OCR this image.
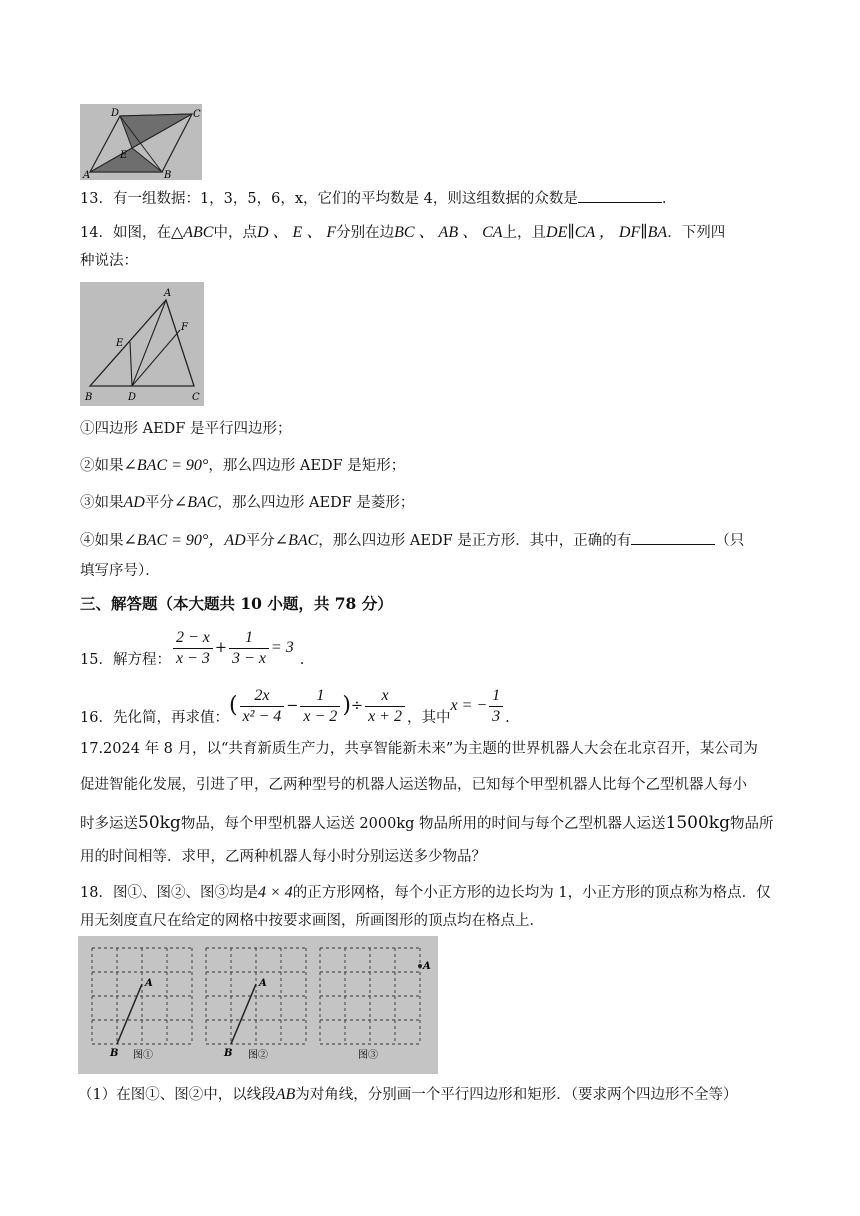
D	C
E
A	B
13．有一组数据：1，3，5，6，x，它们的平均数是 4，则这组数据的众数是	.
14．如图，在△ABC中，点D 、 E 、 F分别在边BC 、 AB 、 CA上，且DE∥CA ， DF∥BA．下列四
种说法：
A
F
E
B	D	C
①四边形 AEDF 是平行四边形；
②如果∠BAC = 90°，那么四边形 AEDF 是矩形；
③如果AD平分∠BAC，那么四边形 AEDF 是菱形；
④如果∠BAC = 90°，AD平分∠BAC，那么四边形 AEDF 是正方形．其中，正确的有	（只
填写序号）．
三、解答题（本大题共 10 小题，共 78 分）
15．解方程： $\frac{2 - x}{x - 3} + \frac{1}{3 - x} = 3$.
16．先化简，再求值：( $\frac{2x}{\text{x² − 4}} - \frac{1}{x - 2}$ )÷ $\frac{x}{x + 2}$ ，其中x = − $\frac{1}{3}$ .
17.2024 年 8 月，以“共育新质生产力，共享智能新未来”为主题的世界机器人大会在北京召开，某公司为
促进智能化发展，引进了甲，乙两种型号的机器人运送物品，已知每个甲型机器人比每个乙型机器人每小
时多运送50kg物品，每个甲型机器人运送 2000kg 物品所用的时间与每个乙型机器人运送1500kg物品所
用的时间相等．求甲，乙两种机器人每小时分别运送多少物品？
18．图①、图②、图③均是4 × 4的正方形网格，每个小正方形的边长均为 1，小正方形的顶点称为格点．仅
用无刻度直尺在给定的网格中按要求画图，所画图形的顶点均在格点上．
A
B 图①
A
B 图②
A
图③
（1）在图①、图②中，以线段AB为对角线，分别画一个平行四边形和矩形．（要求两个四边形不全等）
